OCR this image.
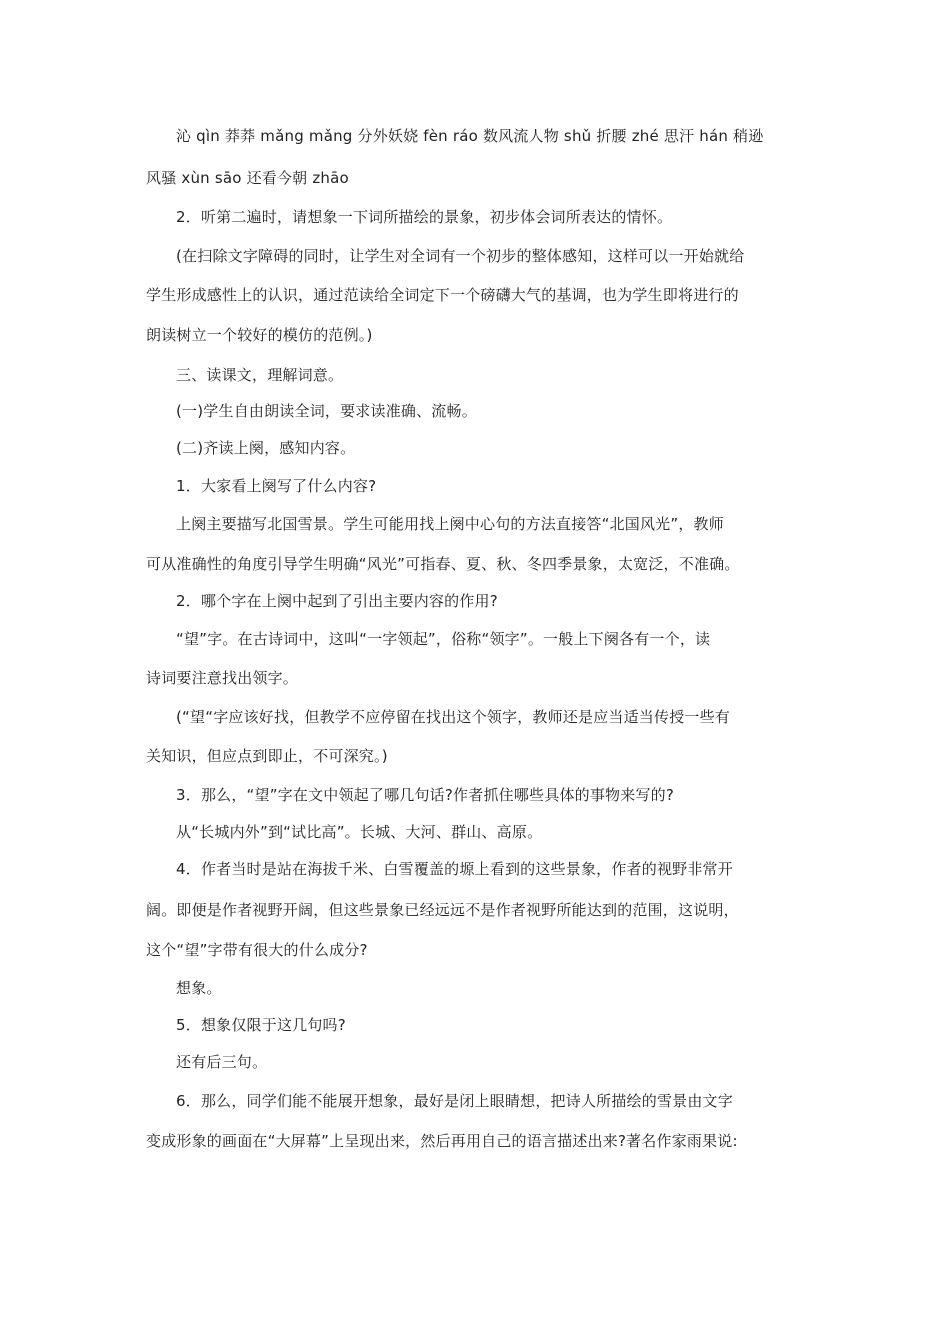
沁 qìn 莽莽 mǎng mǎng 分外妖娆 fèn ráo 数风流人物 shǔ 折腰 zhé 思汗 hán 稍逊
风骚 xùn sāo 还看今朝 zhāo
2．听第二遍时，请想象一下词所描绘的景象，初步体会词所表达的情怀。
(在扫除文字障碍的同时，让学生对全词有一个初步的整体感知，这样可以一开始就给
学生形成感性上的认识，通过范读给全词定下一个磅礴大气的基调，也为学生即将进行的
朗读树立一个较好的模仿的范例。)
三、读课文，理解词意。
(一)学生自由朗读全词，要求读准确、流畅。
(二)齐读上阕，感知内容。
1．大家看上阕写了什么内容?
上阕主要描写北国雪景。学生可能用找上阕中心句的方法直接答“北国风光”，教师
可从准确性的角度引导学生明确“风光”可指春、夏、秋、冬四季景象，太宽泛，不准确。
2．哪个字在上阕中起到了引出主要内容的作用?
“望”字。在古诗词中，这叫“一字领起”，俗称“领字”。一般上下阕各有一个，读
诗词要注意找出领字。
(“望“字应该好找，但教学不应停留在找出这个领字，教师还是应当适当传授一些有
关知识，但应点到即止，不可深究。)
3．那么，“望”字在文中领起了哪几句话?作者抓住哪些具体的事物来写的?
从“长城内外”到“试比高”。长城、大河、群山、高原。
4．作者当时是站在海拔千米、白雪覆盖的塬上看到的这些景象，作者的视野非常开
阔。即便是作者视野开阔，但这些景象已经远远不是作者视野所能达到的范围，这说明，
这个“望”字带有很大的什么成分?
想象。
5．想象仅限于这几句吗?
还有后三句。
6．那么，同学们能不能展开想象，最好是闭上眼睛想，把诗人所描绘的雪景由文字
变成形象的画面在“大屏幕”上呈现出来，然后再用自己的语言描述出来?著名作家雨果说:
